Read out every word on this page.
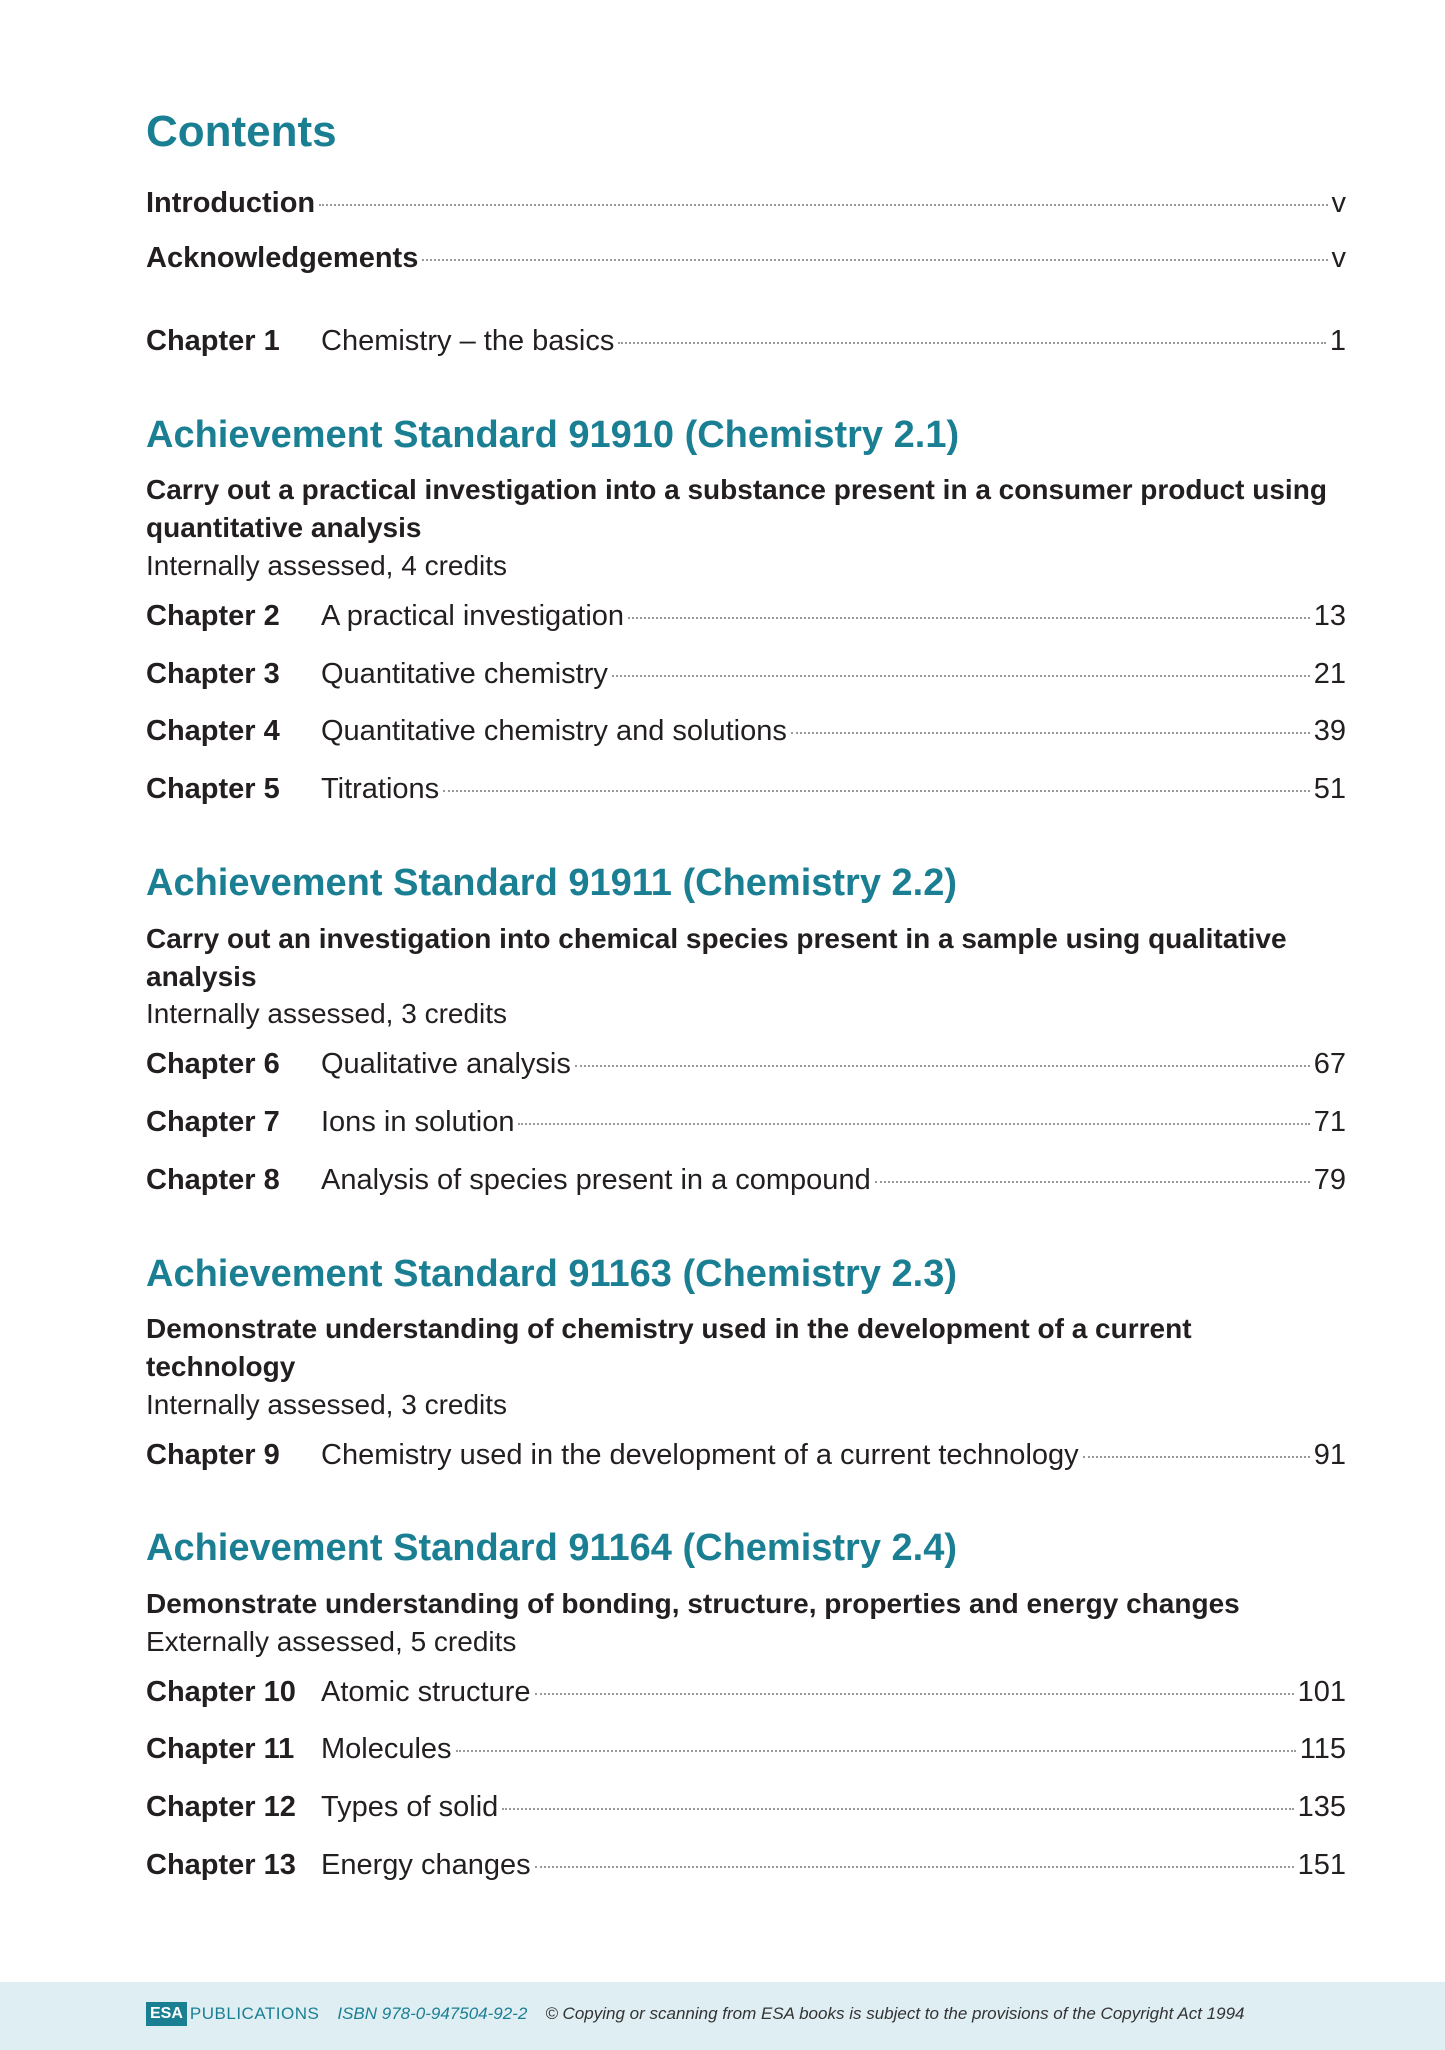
Contents
Introduction	v
Acknowledgements	v
Chapter 1	Chemistry – the basics	1
Achievement Standard 91910 (Chemistry 2.1)

Carry out a practical investigation into a substance present in a consumer product using quantitative analysis

Internally assessed, 4 credits

Chapter 2	A practical investigation	13
Chapter 3	Quantitative chemistry	21
Chapter 4	Quantitative chemistry and solutions	39
Chapter 5	Titrations	51
Achievement Standard 91911 (Chemistry 2.2)

Carry out an investigation into chemical species present in a sample using qualitative analysis

Internally assessed, 3 credits

Chapter 6	Qualitative analysis	67
Chapter 7	Ions in solution	71
Chapter 8	Analysis of species present in a compound	79
Achievement Standard 91163 (Chemistry 2.3)

Demonstrate understanding of chemistry used in the development of a current technology

Internally assessed, 3 credits

Chapter 9	Chemistry used in the development of a current technology	91
Achievement Standard 91164 (Chemistry 2.4)

Demonstrate understanding of bonding, structure, properties and energy changes

Externally assessed, 5 credits

Chapter 10 Atomic structure	101
Chapter 11 Molecules	115
Chapter 12 Types of solid	135
Chapter 13 Energy changes	151
ESA PUBLICATIONS ISBN 978-0-947504-92-2 © Copying or scanning from ESA books is subject to the provisions of the Copyright Act 1994
